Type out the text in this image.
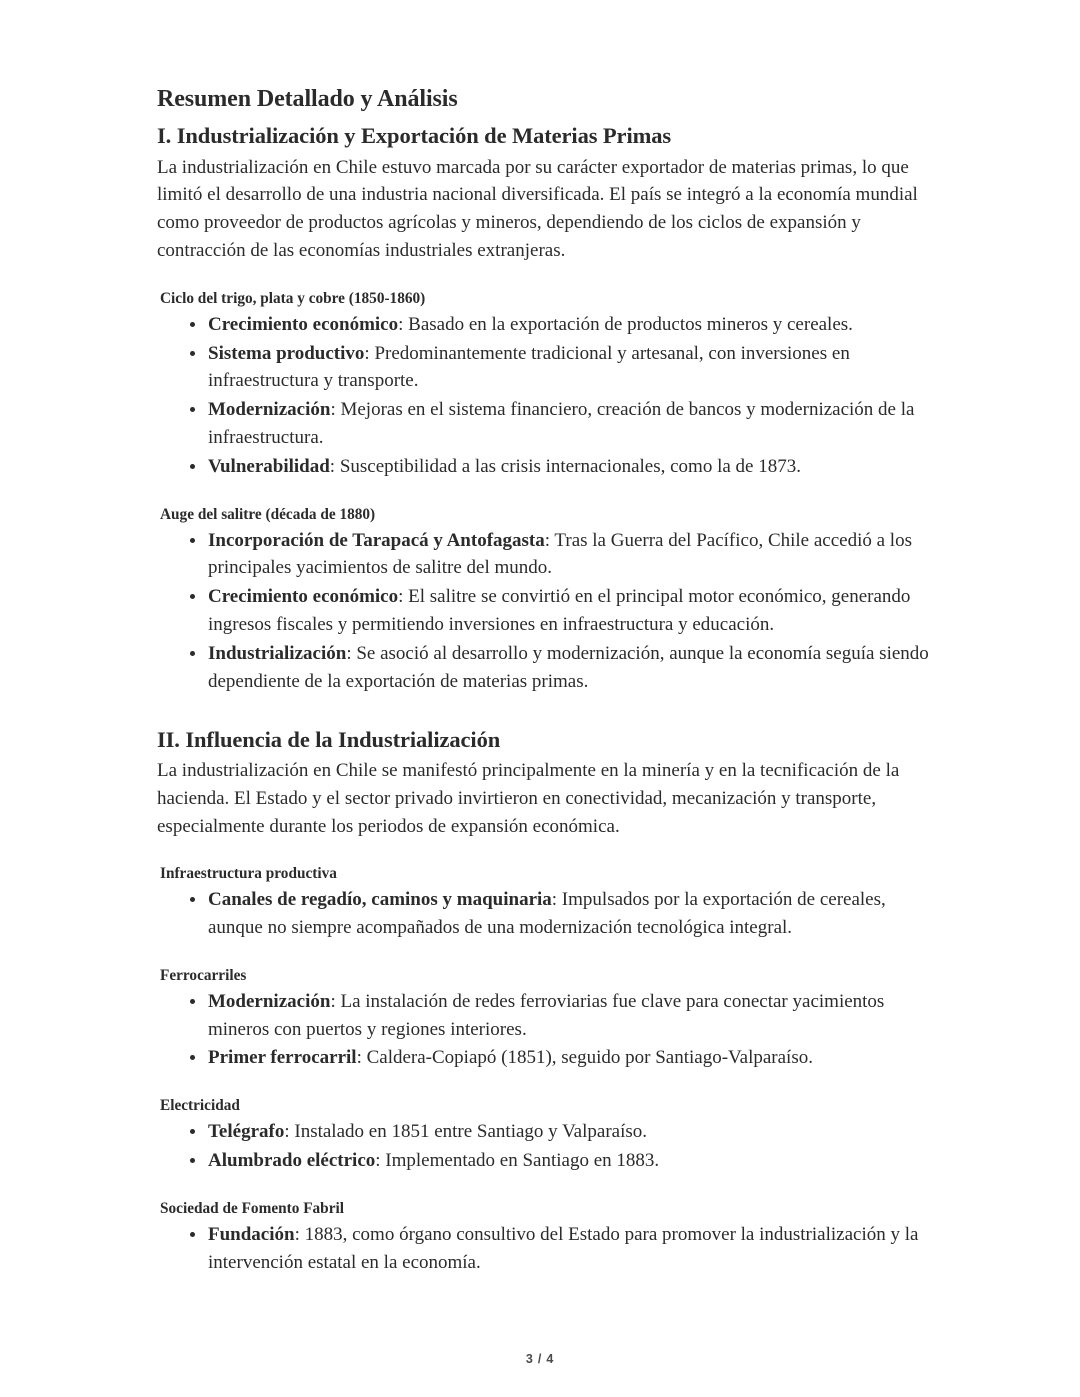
Resumen Detallado y Análisis
I. Industrialización y Exportación de Materias Primas

La industrialización en Chile estuvo marcada por su carácter exportador de materias primas, lo que limitó el desarrollo de una industria nacional diversificada. El país se integró a la economía mundial como proveedor de productos agrícolas y mineros, dependiendo de los ciclos de expansión y contracción de las economías industriales extranjeras.

Ciclo del trigo, plata y cobre (1850-1860)
Crecimiento económico: Basado en la exportación de productos mineros y cereales.
Sistema productivo: Predominantemente tradicional y artesanal, con inversiones en infraestructura y transporte.
Modernización: Mejoras en el sistema financiero, creación de bancos y modernización de la infraestructura.
Vulnerabilidad: Susceptibilidad a las crisis internacionales, como la de 1873.
Auge del salitre (década de 1880)
Incorporación de Tarapacá y Antofagasta: Tras la Guerra del Pacífico, Chile accedió a los principales yacimientos de salitre del mundo.
Crecimiento económico: El salitre se convirtió en el principal motor económico, generando ingresos fiscales y permitiendo inversiones en infraestructura y educación.
Industrialización: Se asoció al desarrollo y modernización, aunque la economía seguía siendo dependiente de la exportación de materias primas.
II. Influencia de la Industrialización

La industrialización en Chile se manifestó principalmente en la minería y en la tecnificación de la hacienda. El Estado y el sector privado invirtieron en conectividad, mecanización y transporte, especialmente durante los periodos de expansión económica.

Infraestructura productiva
Canales de regadío, caminos y maquinaria: Impulsados por la exportación de cereales, aunque no siempre acompañados de una modernización tecnológica integral.
Ferrocarriles
Modernización: La instalación de redes ferroviarias fue clave para conectar yacimientos mineros con puertos y regiones interiores.
Primer ferrocarril: Caldera-Copiapó (1851), seguido por Santiago-Valparaíso.
Electricidad
Telégrafo: Instalado en 1851 entre Santiago y Valparaíso.
Alumbrado eléctrico: Implementado en Santiago en 1883.
Sociedad de Fomento Fabril
Fundación: 1883, como órgano consultivo del Estado para promover la industrialización y la intervención estatal en la economía.
3 / 4
